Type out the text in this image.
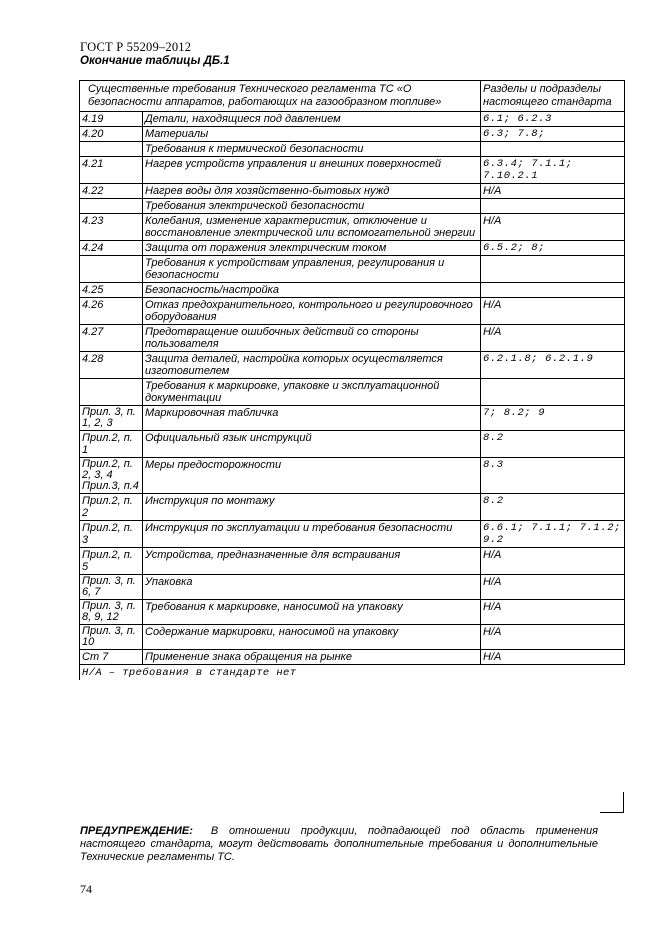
ГОСТ Р 55209–2012
Окончание таблицы ДБ.1
Существенные требования Технического регламента ТС «О безопасности аппаратов, работающих на газообразном топливе»		Разделы и подразделы настоящего стандарта
4.19	Детали, находящиеся под давлением	6.1; 6.2.3
4.20	Материалы	6.3; 7.8;
	Требования к термической безопасности	
4.21	Нагрев устройств управления и внешних поверхностей	6.3.4; 7.1.1; 7.10.2.1
4.22	Нагрев воды для хозяйственно-бытовых нужд	Н/А
	Требования электрической безопасности	
4.23	Колебания, изменение характеристик, отключение и восстановление электрической или вспомогательной энергии	Н/А
4.24	Защита от поражения электрическим током	6.5.2; 8;
	Требования к устройствам управления, регулирования и безопасности	
4.25	Безопасность/настройка	
4.26	Отказ предохранительного, контрольного и регулировочного оборудования	Н/А
4.27	Предотвращение ошибочных действий со стороны пользователя	Н/А
4.28	Защита деталей, настройка которых осуществляется изготовителем	6.2.1.8; 6.2.1.9
	Требования к маркировке, упаковке и эксплуатационной документации	
Прил. 3, п. 1, 2, 3	Маркировочная табличка	7; 8.2; 9
Прил.2, п. 1	Официальный язык инструкций	8.2
Прил.2, п. 2, 3, 4 Прил.3, п.4	Меры предосторожности	8.3
Прил.2, п. 2	Инструкция по монтажу	8.2
Прил.2, п. 3	Инструкция по эксплуатации и требования безопасности	6.6.1; 7.1.1; 7.1.2; 9.2
Прил.2, п. 5	Устройства, предназначенные для встраивания	Н/А
Прил. 3, п. 6, 7	Упаковка	Н/А
Прил. 3, п. 8, 9, 12	Требования к маркировке, наносимой на упаковку	Н/А
Прил. 3, п. 10	Содержание маркировки, наносимой на упаковку	Н/А
Ст 7	Применение знака обращения на рынке	Н/А
Н/А – требования в стандарте нет		
ПРЕДУПРЕЖДЕНИЕ: В отношении продукции, подпадающей под область применения настоящего стандарта, могут действовать дополнительные требования и дополнительные Технические регламенты ТС.
74
